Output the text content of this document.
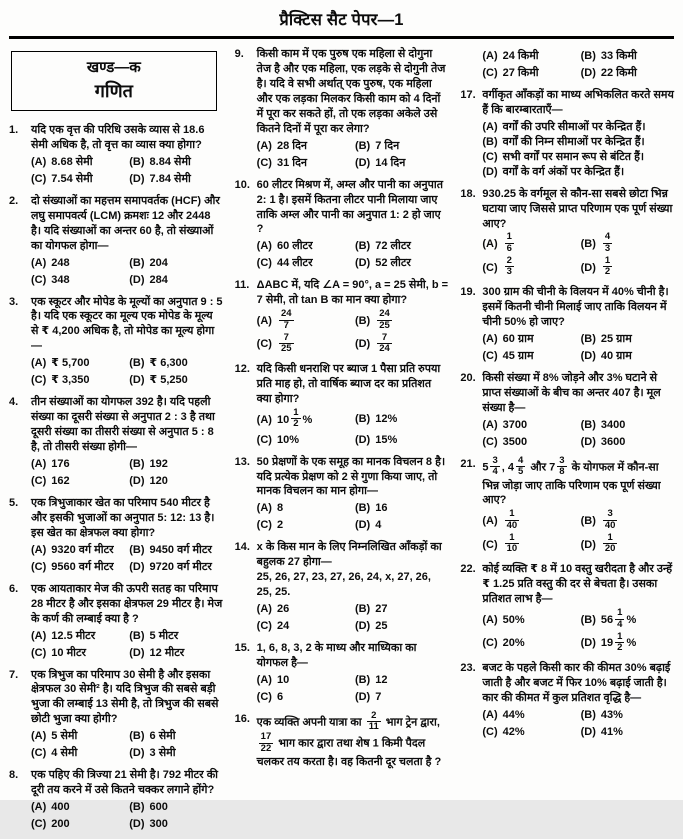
प्रैक्टिस सैट पेपर—1
खण्ड—क
गणित
1.	यदि एक वृत्त की परिधि उसके व्यास से 18.6 सेमी अधिक है, तो वृत्त का व्यास क्या होगा?
(A) 8.68 सेमी	(B) 8.84 सेमी
(C) 7.54 सेमी	(D) 7.84 सेमी
2.	दो संख्याओं का महत्तम समापवर्तक (HCF) और लघु समापवर्त्य (LCM) क्रमशः 12 और 2448 है। यदि संख्याओं का अन्तर 60 है, तो संख्याओं का योगफल होगा—
(A) 248	(B) 204
(C) 348	(D) 284
3.	एक स्कूटर और मोपेड के मूल्यों का अनुपात 9 : 5 है। यदि एक स्कूटर का मूल्य एक मोपेड के मूल्य से ₹ 4,200 अधिक है, तो मोपेड का मूल्य होगा—
(A) ₹ 5,700	(B) ₹ 6,300
(C) ₹ 3,350	(D) ₹ 5,250
4.	तीन संख्याओं का योगफल 392 है। यदि पहली संख्या का दूसरी संख्या से अनुपात 2 : 3 है तथा दूसरी संख्या का तीसरी संख्या से अनुपात 5 : 8 है, तो तीसरी संख्या होगी—
(A) 176	(B) 192
(C) 162	(D) 120
5.	एक त्रिभुजाकार खेत का परिमाप 540 मीटर है और इसकी भुजाओं का अनुपात 5: 12: 13 है। इस खेत का क्षेत्रफल क्या होगा?
(A) 9320 वर्ग मीटर	(B) 9450 वर्ग मीटर
(C) 9560 वर्ग मीटर	(D) 9720 वर्ग मीटर
6.	एक आयताकार मेज की ऊपरी सतह का परिमाप 28 मीटर है और इसका क्षेत्रफल 29 मीटर है। मेज के कर्ण की लम्बाई क्या है ?
(A) 12.5 मीटर	(B) 5 मीटर
(C) 10 मीटर	(D) 12 मीटर
7.	एक त्रिभुज का परिमाप 30 सेमी है और इसका क्षेत्रफल 30 सेमी² है। यदि त्रिभुज की सबसे बड़ी भुजा की लम्बाई 13 सेमी है, तो त्रिभुज की सबसे छोटी भुजा क्या होगी?
(A) 5 सेमी	(B) 6 सेमी
(C) 4 सेमी	(D) 3 सेमी
8.	एक पहिए की त्रिज्या 21 सेमी है। 792 मीटर की दूरी तय करने में उसे कितने चक्कर लगाने होंगे?
(A) 400	(B) 600
(C) 200	(D) 300
9.	किसी काम में एक पुरुष एक महिला से दोगुना तेज है और एक महिला, एक लड़के से दोगुनी तेज है। यदि वे सभी अर्थात् एक पुरुष, एक महिला और एक लड़का मिलकर किसी काम को 4 दिनों में पूरा कर सकते हों, तो एक लड़का अकेले उसे कितने दिनों में पूरा कर लेगा?
(A) 28 दिन	(B) 7 दिन
(C) 31 दिन	(D) 14 दिन
10. 60 लीटर मिश्रण में, अम्ल और पानी का अनुपात 2: 1 है। इसमें कितना लीटर पानी मिलाया जाए ताकि अम्ल और पानी का अनुपात 1: 2 हो जाए ?
(A) 60 लीटर	(B) 72 लीटर
(C) 44 लीटर	(D) 52 लीटर
11. ΔABC में, यदि ∠A = 90°, a = 25 सेमी, b = 7 सेमी, तो tan B का मान क्या होगा?
$(A) \frac{24}{7}$	$(B) \frac{24}{25}$
$(C) \frac{7}{25}$	$(D) \frac{7}{24}$
12. यदि किसी धनराशि पर ब्याज 1 पैसा प्रति रुपया प्रति माह हो, तो वार्षिक ब्याज दर का प्रतिशत क्या होगा?
(A) $10 \frac{1}{2}$ %	(B) 12%
(C) 10%	(D) 15%
13. 50 प्रेक्षणों के एक समूह का मानक विचलन 8 है। यदि प्रत्येक प्रेक्षण को 2 से गुणा किया जाए, तो मानक विचलन का मान होगा—
(A) 8	(B) 16
(C) 2	(D) 4
14. x के किस मान के लिए निम्नलिखित आँकड़ों का बहुलक 27 होगा—
25, 26, 27, 23, 27, 26, 24, x, 27, 26, 25, 25.
(A) 26	(B) 27
(C) 24	(D) 25
15. 1, 6, 8, 3, 2 के माध्य और माध्यिका का योगफल है—
(A) 10	(B) 12
(C) 6	(D) 7
16. एक व्यक्ति अपनी यात्रा का $\frac{2}{11}$ भाग ट्रेन द्वारा,
$\frac{17}{22}$ भाग कार द्वारा तथा शेष 1 किमी पैदल चलकर तय करता है। वह कितनी दूर चलता है ?
(A) 24 किमी	(B) 33 किमी
(C) 27 किमी	(D) 22 किमी
17. वर्गीकृत आँकड़ों का माध्य अभिकलित करते समय हैं कि बारम्बारताएँ—
(A) वर्गों की उपरि सीमाओं पर केन्द्रित हैं।
(B) वर्गों की निम्न सीमाओं पर केन्द्रित हैं।
(C) सभी वर्गों पर समान रूप से बंटित हैं।
(D) वर्गों के वर्ग अंकों पर केन्द्रित हैं।
18. 930.25 के वर्गमूल से कौन-सा सबसे छोटा भिन्न घटाया जाए जिससे प्राप्त परिणाम एक पूर्ण संख्या आए?
$(A) \frac{1}{6}$	$(B) \frac{4}{3}$
$(C) \frac{2}{3}$	$(D) \frac{1}{2}$
19. 300 ग्राम की चीनी के विलयन में 40% चीनी है। इसमें कितनी चीनी मिलाई जाए ताकि विलयन में चीनी 50% हो जाए?
(A) 60 ग्राम	(B) 25 ग्राम
(C) 45 ग्राम	(D) 40 ग्राम
20. किसी संख्या में 8% जोड़ने और 3% घटाने से प्राप्त संख्याओं के बीच का अन्तर 407 है। मूल संख्या है—
(A) 3700	(B) 3400
(C) 3500	(D) 3600
21. $5 \frac{3}{4}$ , $4 \frac{4}{5}$ और $7 \frac{3}{8}$ के योगफल में कौन-सा भिन्न जोड़ा जाए ताकि परिणाम एक पूर्ण संख्या आए?
$(A) \frac{1}{40}$	$(B) \frac{3}{40}$
$(C) \frac{1}{10}$	$(D) \frac{1}{20}$
22. कोई व्यक्ति ₹ 8 में 10 वस्तु खरीदता है और उन्हें ₹ 1.25 प्रति वस्तु की दर से बेचता है। उसका प्रतिशत लाभ है—
(A) 50%	(B) $56 \frac{1}{4}$ %
(C) 20%	(D) $19 \frac{1}{2}$ %
23. बजट के पहले किसी कार की कीमत 30% बढ़ाई जाती है और बजट में फिर 10% बढ़ाई जाती है। कार की कीमत में कुल प्रतिशत वृद्धि है—
(A) 44%	(B) 43%
(C) 42%	(D) 41%
